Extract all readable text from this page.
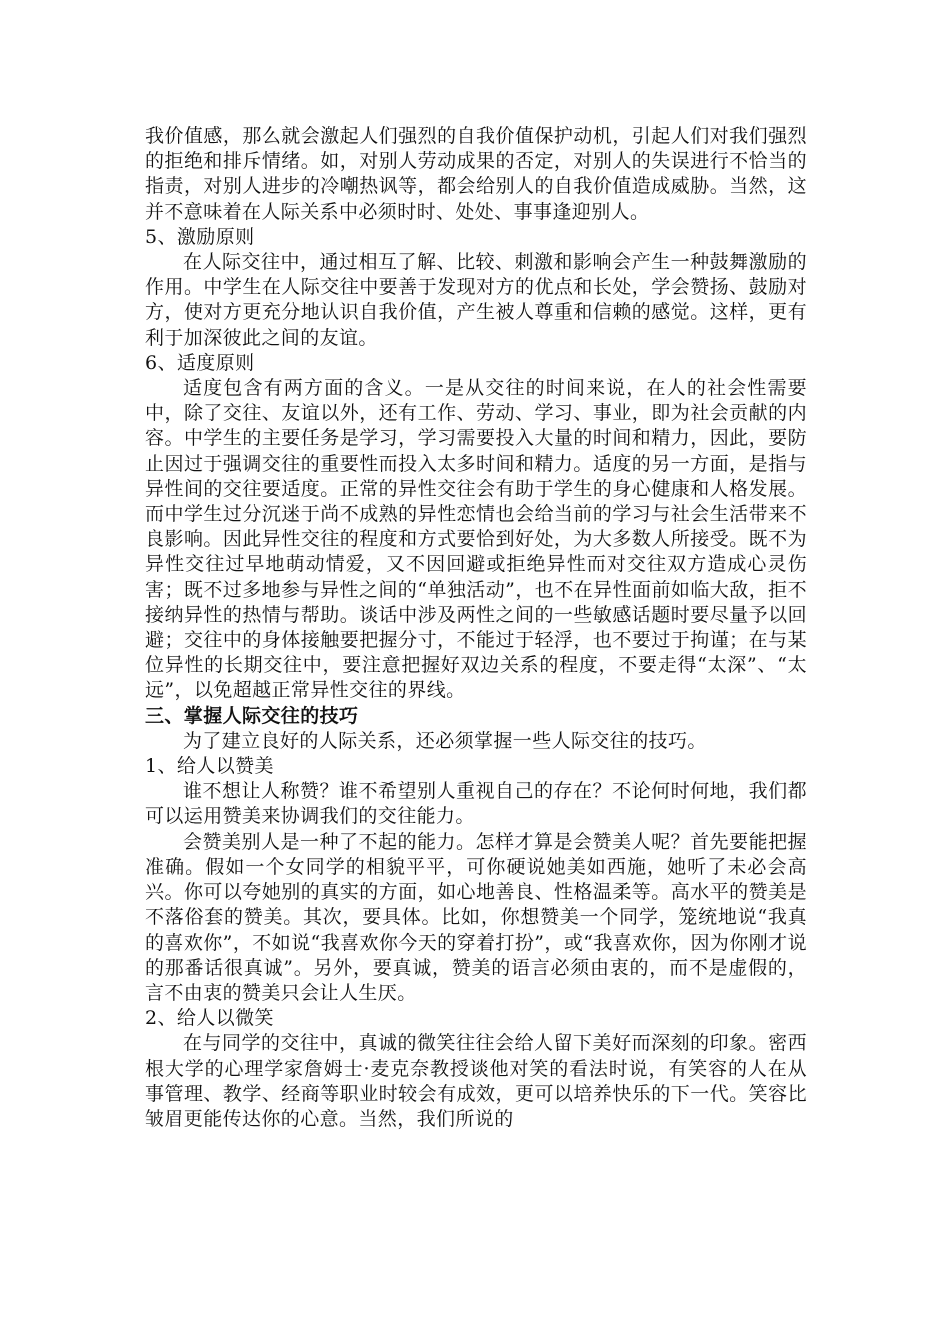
我价值感，那么就会激起人们强烈的自我价值保护动机，引起人们对我们强烈的拒绝和排斥情绪。如，对别人劳动成果的否定，对别人的失误进行不恰当的指责，对别人进步的冷嘲热讽等，都会给别人的自我价值造成威胁。当然，这并不意味着在人际关系中必须时时、处处、事事逢迎别人。

5、激励原则

在人际交往中，通过相互了解、比较、刺激和影响会产生一种鼓舞激励的作用。中学生在人际交往中要善于发现对方的优点和长处，学会赞扬、鼓励对方，使对方更充分地认识自我价值，产生被人尊重和信赖的感觉。这样，更有利于加深彼此之间的友谊。

6、适度原则

适度包含有两方面的含义。一是从交往的时间来说，在人的社会性需要中，除了交往、友谊以外，还有工作、劳动、学习、事业，即为社会贡献的内容。中学生的主要任务是学习，学习需要投入大量的时间和精力，因此，要防止因过于强调交往的重要性而投入太多时间和精力。适度的另一方面，是指与异性间的交往要适度。正常的异性交往会有助于学生的身心健康和人格发展。而中学生过分沉迷于尚不成熟的异性恋情也会给当前的学习与社会生活带来不良影响。因此异性交往的程度和方式要恰到好处，为大多数人所接受。既不为异性交往过早地萌动情爱，又不因回避或拒绝异性而对交往双方造成心灵伤害；既不过多地参与异性之间的“单独活动”，也不在异性面前如临大敌，拒不接纳异性的热情与帮助。谈话中涉及两性之间的一些敏感话题时要尽量予以回避；交往中的身体接触要把握分寸，不能过于轻浮，也不要过于拘谨；在与某位异性的长期交往中，要注意把握好双边关系的程度，不要走得“太深”、“太远”，以免超越正常异性交往的界线。

三、掌握人际交往的技巧

为了建立良好的人际关系，还必须掌握一些人际交往的技巧。

1、给人以赞美

谁不想让人称赞？谁不希望别人重视自己的存在？不论何时何地，我们都可以运用赞美来协调我们的交往能力。

会赞美别人是一种了不起的能力。怎样才算是会赞美人呢？首先要能把握准确。假如一个女同学的相貌平平，可你硬说她美如西施，她听了未必会高兴。你可以夸她别的真实的方面，如心地善良、性格温柔等。高水平的赞美是不落俗套的赞美。其次，要具体。比如，你想赞美一个同学，笼统地说“我真的喜欢你”，不如说“我喜欢你今天的穿着打扮”，或“我喜欢你，因为你刚才说的那番话很真诚”。另外，要真诚，赞美的语言必须由衷的，而不是虚假的，言不由衷的赞美只会让人生厌。

2、给人以微笑

在与同学的交往中，真诚的微笑往往会给人留下美好而深刻的印象。密西根大学的心理学家詹姆士·麦克奈教授谈他对笑的看法时说，有笑容的人在从事管理、教学、经商等职业时较会有成效，更可以培养快乐的下一代。笑容比皱眉更能传达你的心意。当然，我们所说的
